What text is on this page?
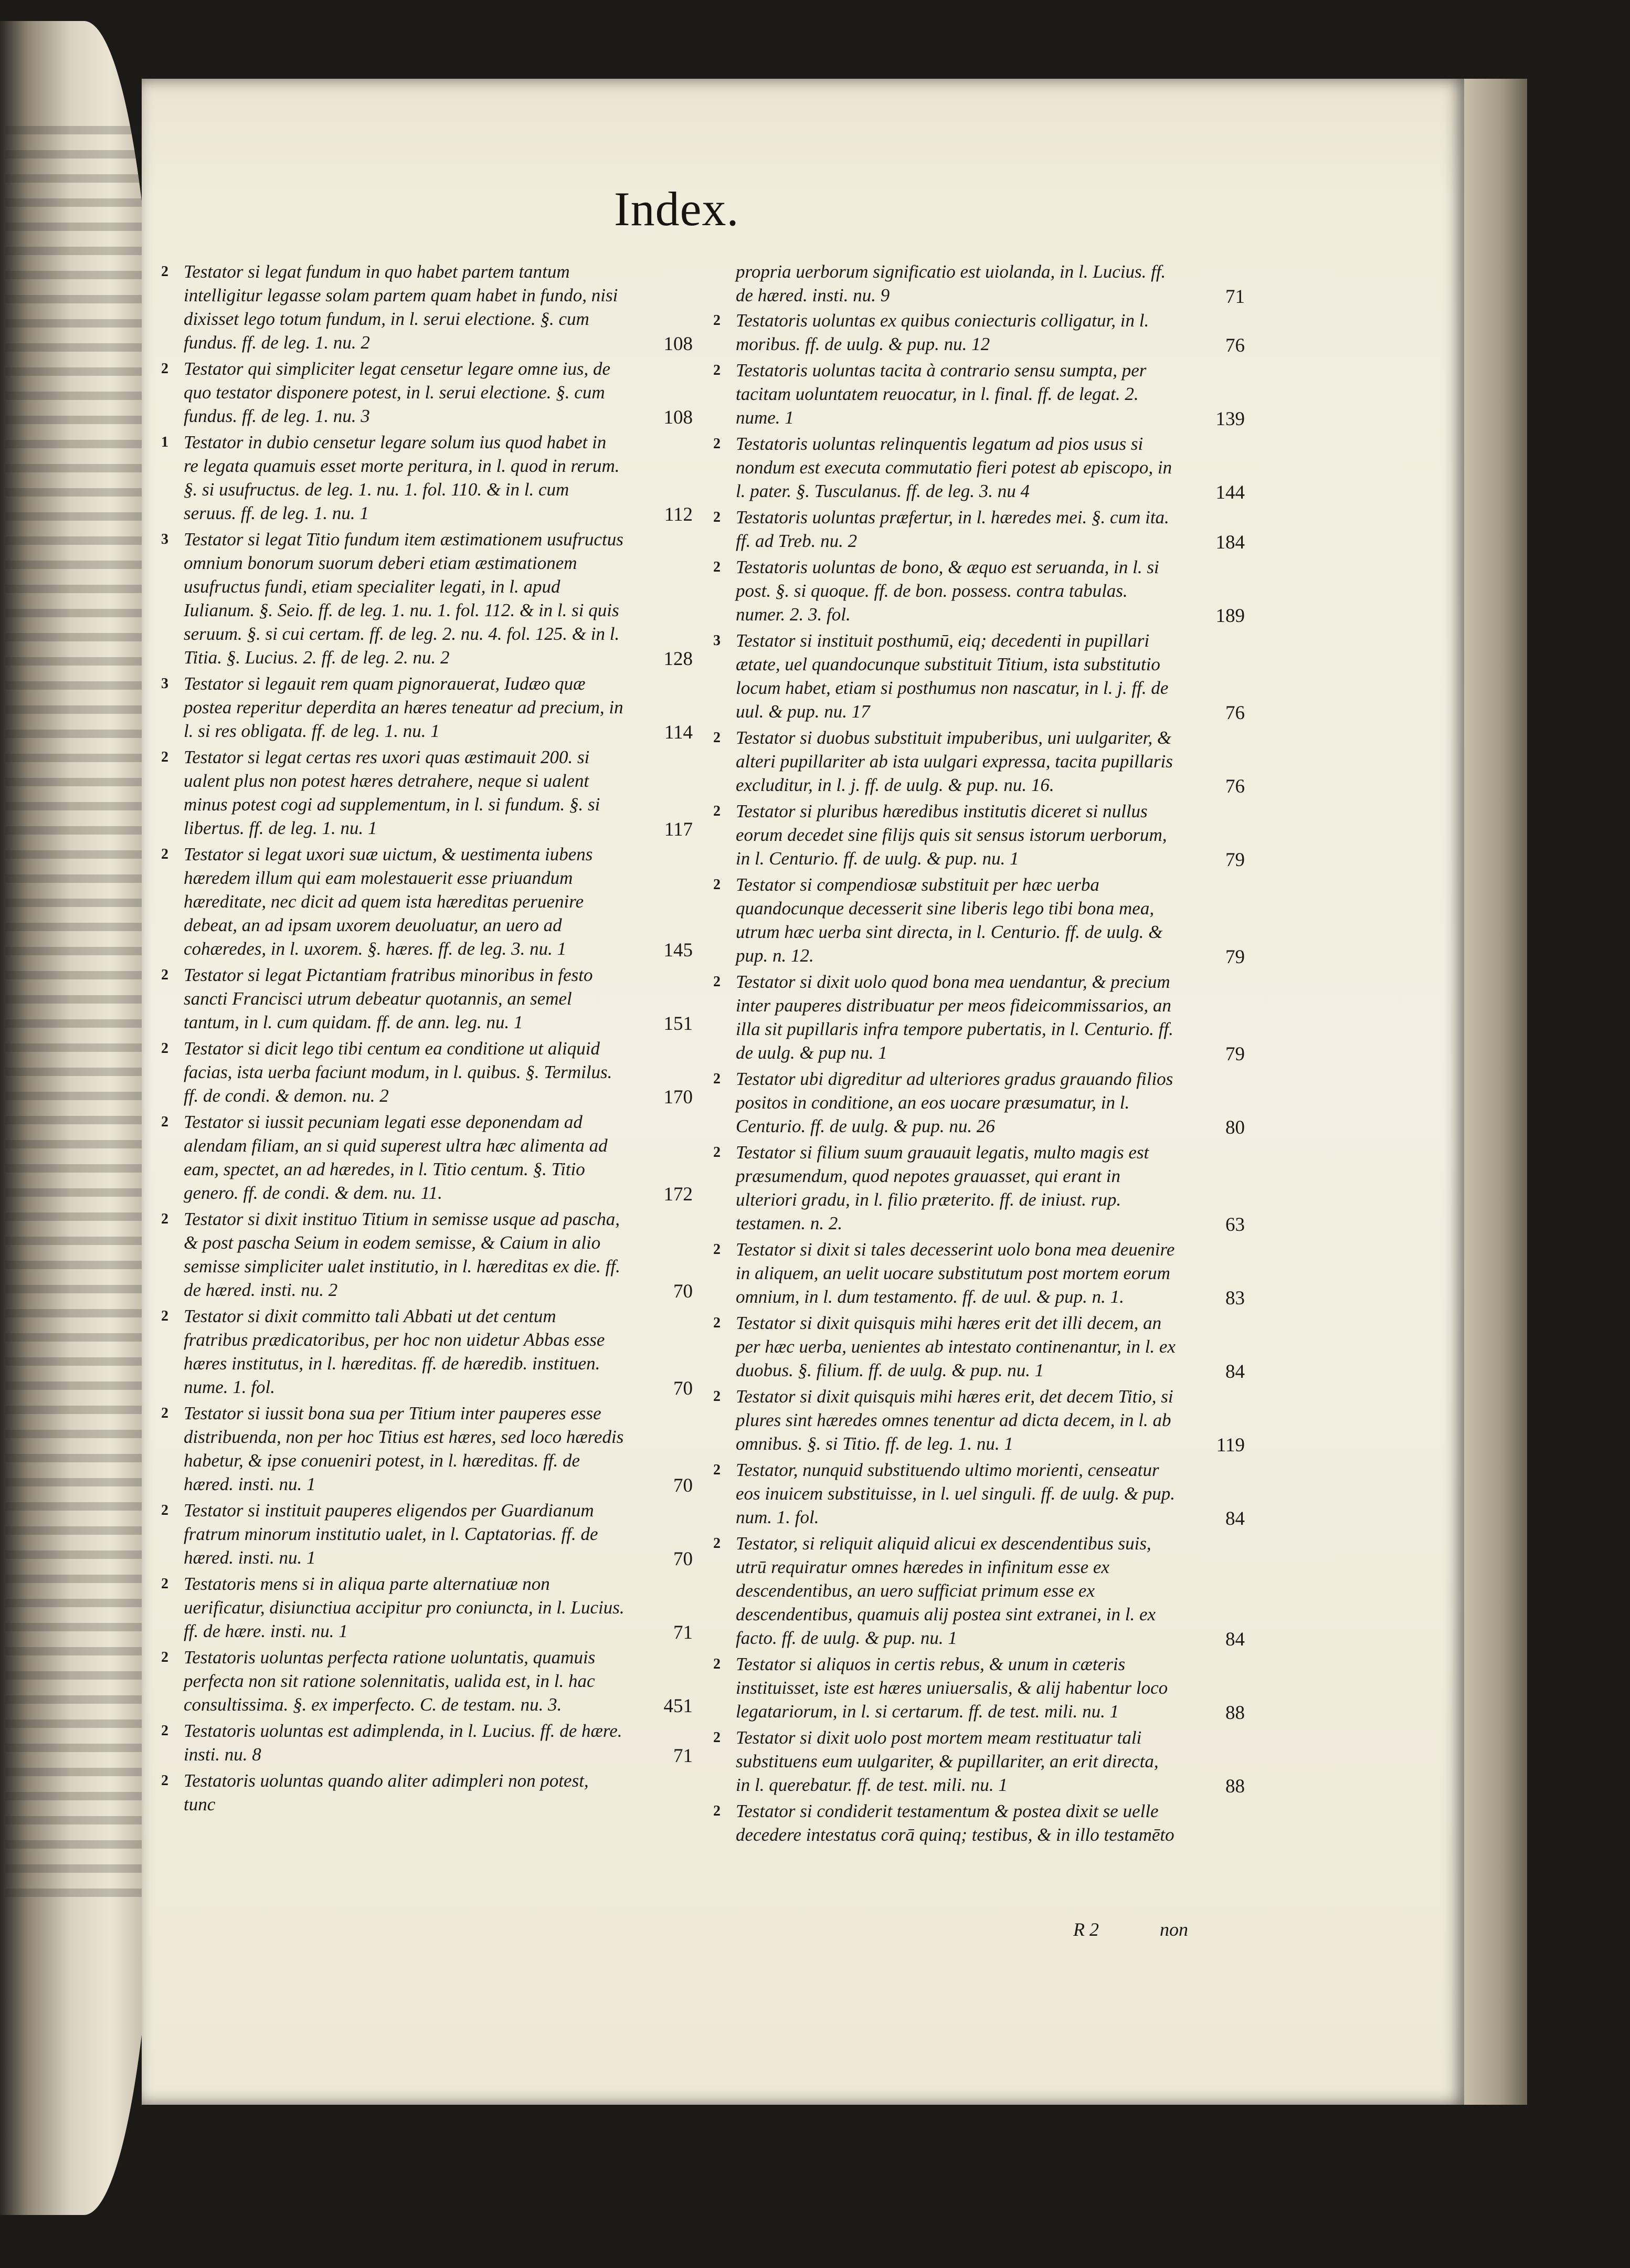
Index.
2 Testator si legat fundum in quo habet partem tantum intelligitur legasse solam partem quam habet in fundo, nisi dixisset lego totum fundum, in l. serui electione. §. cum fundus. ff. de leg. 1. nu. 2	108
2 Testator qui simpliciter legat censetur legare omne ius, de quo testator disponere potest, in l. serui electione. §. cum fundus. ff. de leg. 1. nu. 3	108
1 Testator in dubio censetur legare solum ius quod habet in re legata quamuis esset morte peritura, in l. quod in rerum. §. si usufructus. de leg. 1. nu. 1. fol. 110. & in l. cum seruus. ff. de leg. 1. nu. 1	112
3 Testator si legat Titio fundum item æstimationem usufructus omnium bonorum suorum deberi etiam æstimationem usufructus fundi, etiam specialiter legati, in l. apud Iulianum. §. Seio. ff. de leg. 1. nu. 1. fol. 112. & in l. si quis seruum. §. si cui certam. ff. de leg. 2. nu. 4. fol. 125. & in l. Titia. §. Lucius. 2. ff. de leg. 2. nu. 2	128
3 Testator si legauit rem quam pignorauerat, Iudæo quæ postea reperitur deperdita an hæres teneatur ad precium, in l. si res obligata. ff. de leg. 1. nu. 1	114
2 Testator si legat certas res uxori quas æstimauit 200. si ualent plus non potest hæres detrahere, neque si ualent minus potest cogi ad supplementum, in l. si fundum. §. si libertus. ff. de leg. 1. nu. 1	117
2 Testator si legat uxori suæ uictum, & uestimenta iubens hæredem illum qui eam molestauerit esse priuandum hæreditate, nec dicit ad quem ista hæreditas peruenire debeat, an ad ipsam uxorem deuoluatur, an uero ad cohæredes, in l. uxorem. §. hæres. ff. de leg. 3. nu. 1	145
2 Testator si legat Pictantiam fratribus minoribus in festo sancti Francisci utrum debeatur quotannis, an semel tantum, in l. cum quidam. ff. de ann. leg. nu. 1	151
2 Testator si dicit lego tibi centum ea conditione ut aliquid facias, ista uerba faciunt modum, in l. quibus. §. Termilus. ff. de condi. & demon. nu. 2	170
2 Testator si iussit pecuniam legati esse deponendam ad alendam filiam, an si quid superest ultra hæc alimenta ad eam, spectet, an ad hæredes, in l. Titio centum. §. Titio genero. ff. de condi. & dem. nu. 11.	172
2 Testator si dixit instituo Titium in semisse usque ad pascha, & post pascha Seium in eodem semisse, & Caium in alio semisse simpliciter ualet institutio, in l. hæreditas ex die. ff. de hæred. insti. nu. 2	70
2 Testator si dixit committo tali Abbati ut det centum fratribus prædicatoribus, per hoc non uidetur Abbas esse hæres institutus, in l. hæreditas. ff. de hæredib. instituen. nume. 1. fol.	70
2 Testator si iussit bona sua per Titium inter pauperes esse distribuenda, non per hoc Titius est hæres, sed loco hæredis habetur, & ipse conueniri potest, in l. hæreditas. ff. de hæred. insti. nu. 1	70
2 Testator si instituit pauperes eligendos per Guardianum fratrum minorum institutio ualet, in l. Captatorias. ff. de hæred. insti. nu. 1	70
2 Testatoris mens si in aliqua parte alternatiuæ non uerificatur, disiunctiua accipitur pro coniuncta, in l. Lucius. ff. de hære. insti. nu. 1	71
2 Testatoris uoluntas perfecta ratione uoluntatis, quamuis perfecta non sit ratione solennitatis, ualida est, in l. hac consultissima. §. ex imperfecto. C. de testam. nu. 3.	451
2 Testatoris uoluntas est adimplenda, in l. Lucius. ff. de hære. insti. nu. 8	71
2 Testatoris uoluntas quando aliter adimpleri non potest, tunc
propria uerborum significatio est uiolanda, in l. Lucius. ff. de hæred. insti. nu. 9	71
2 Testatoris uoluntas ex quibus coniecturis colligatur, in l. moribus. ff. de uulg. & pup. nu. 12	76
2 Testatoris uoluntas tacita à contrario sensu sumpta, per tacitam uoluntatem reuocatur, in l. final. ff. de legat. 2. nume. 1	139
2 Testatoris uoluntas relinquentis legatum ad pios usus si nondum est executa commutatio fieri potest ab episcopo, in l. pater. §. Tusculanus. ff. de leg. 3. nu 4	144
2 Testatoris uoluntas præfertur, in l. hæredes mei. §. cum ita. ff. ad Treb. nu. 2	184
2 Testatoris uoluntas de bono, & æquo est seruanda, in l. si post. §. si quoque. ff. de bon. possess. contra tabulas. numer. 2. 3. fol.	189
3 Testator si instituit posthumū, eiq; decedenti in pupillari ætate, uel quandocunque substituit Titium, ista substitutio locum habet, etiam si posthumus non nascatur, in l. j. ff. de uul. & pup. nu. 17	76
2 Testator si duobus substituit impuberibus, uni uulgariter, & alteri pupillariter ab ista uulgari expressa, tacita pupillaris excluditur, in l. j. ff. de uulg. & pup. nu. 16.	76
2 Testator si pluribus hæredibus institutis diceret si nullus eorum decedet sine filijs quis sit sensus istorum uerborum, in l. Centurio. ff. de uulg. & pup. nu. 1	79
2 Testator si compendiosæ substituit per hæc uerba quandocunque decesserit sine liberis lego tibi bona mea, utrum hæc uerba sint directa, in l. Centurio. ff. de uulg. & pup. n. 12.	79
2 Testator si dixit uolo quod bona mea uendantur, & precium inter pauperes distribuatur per meos fideicommissarios, an illa sit pupillaris infra tempore pubertatis, in l. Centurio. ff. de uulg. & pup nu. 1	79
2 Testator ubi digreditur ad ulteriores gradus grauando filios positos in conditione, an eos uocare præsumatur, in l. Centurio. ff. de uulg. & pup. nu. 26	80
2 Testator si filium suum grauauit legatis, multo magis est præsumendum, quod nepotes grauasset, qui erant in ulteriori gradu, in l. filio præterito. ff. de iniust. rup. testamen. n. 2.	63
2 Testator si dixit si tales decesserint uolo bona mea deuenire in aliquem, an uelit uocare substitutum post mortem eorum omnium, in l. dum testamento. ff. de uul. & pup. n. 1.	83
2 Testator si dixit quisquis mihi hæres erit det illi decem, an per hæc uerba, uenientes ab intestato continenantur, in l. ex duobus. §. filium. ff. de uulg. & pup. nu. 1	84
2 Testator si dixit quisquis mihi hæres erit, det decem Titio, si plures sint hæredes omnes tenentur ad dicta decem, in l. ab omnibus. §. si Titio. ff. de leg. 1. nu. 1	119
2 Testator, nunquid substituendo ultimo morienti, censeatur eos inuicem substituisse, in l. uel singuli. ff. de uulg. & pup. num. 1. fol.	84
2 Testator, si reliquit aliquid alicui ex descendentibus suis, utrū requiratur omnes hæredes in infinitum esse ex descendentibus, an uero sufficiat primum esse ex descendentibus, quamuis alij postea sint extranei, in l. ex facto. ff. de uulg. & pup. nu. 1	84
2 Testator si aliquos in certis rebus, & unum in cæteris instituisset, iste est hæres uniuersalis, & alij habentur loco legatariorum, in l. si certarum. ff. de test. mili. nu. 1	88
2 Testator si dixit uolo post mortem meam restituatur tali substituens eum uulgariter, & pupillariter, an erit directa, in l. querebatur. ff. de test. mili. nu. 1	88
2 Testator si condiderit testamentum & postea dixit se uelle decedere intestatus corā quinq; testibus, & in illo testamēto
R 2	non
